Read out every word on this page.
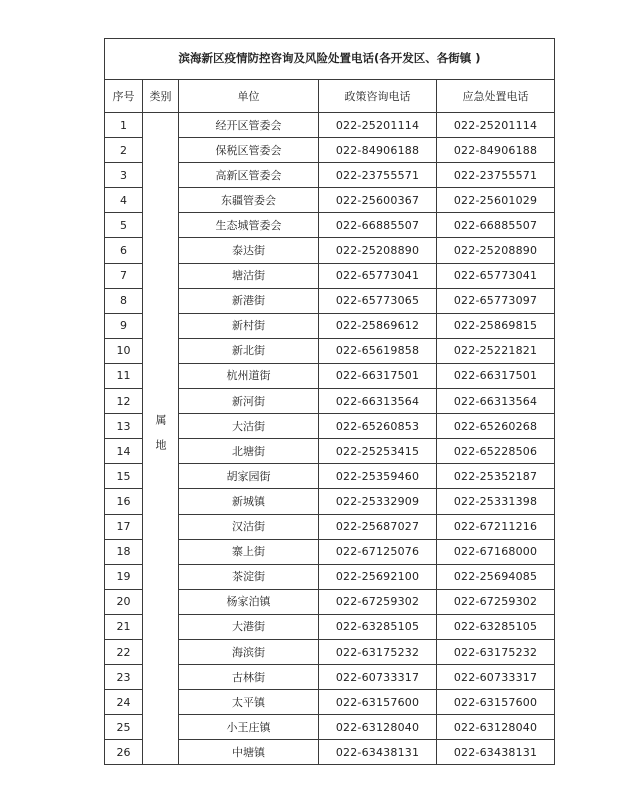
滨海新区疫情防控咨询及风险处置电话(各开发区、各街镇 )				
序号	类别	单位	政策咨询电话	应急处置电话
1	属地	经开区管委会	022-25201114	022-25201114
2		保税区管委会	022-84906188	022-84906188
3		高新区管委会	022-23755571	022-23755571
4		东疆管委会	022-25600367	022-25601029
5		生态城管委会	022-66885507	022-66885507
6		泰达街	022-25208890	022-25208890
7		塘沽街	022-65773041	022-65773041
8		新港街	022-65773065	022-65773097
9		新村街	022-25869612	022-25869815
10		新北街	022-65619858	022-25221821
11		杭州道街	022-66317501	022-66317501
12		新河街	022-66313564	022-66313564
13		大沽街	022-65260853	022-65260268
14		北塘街	022-25253415	022-65228506
15		胡家园街	022-25359460	022-25352187
16		新城镇	022-25332909	022-25331398
17		汉沽街	022-25687027	022-67211216
18		寨上街	022-67125076	022-67168000
19		茶淀街	022-25692100	022-25694085
20		杨家泊镇	022-67259302	022-67259302
21		大港街	022-63285105	022-63285105
22		海滨街	022-63175232	022-63175232
23		古林街	022-60733317	022-60733317
24		太平镇	022-63157600	022-63157600
25		小王庄镇	022-63128040	022-63128040
26		中塘镇	022-63438131	022-63438131
